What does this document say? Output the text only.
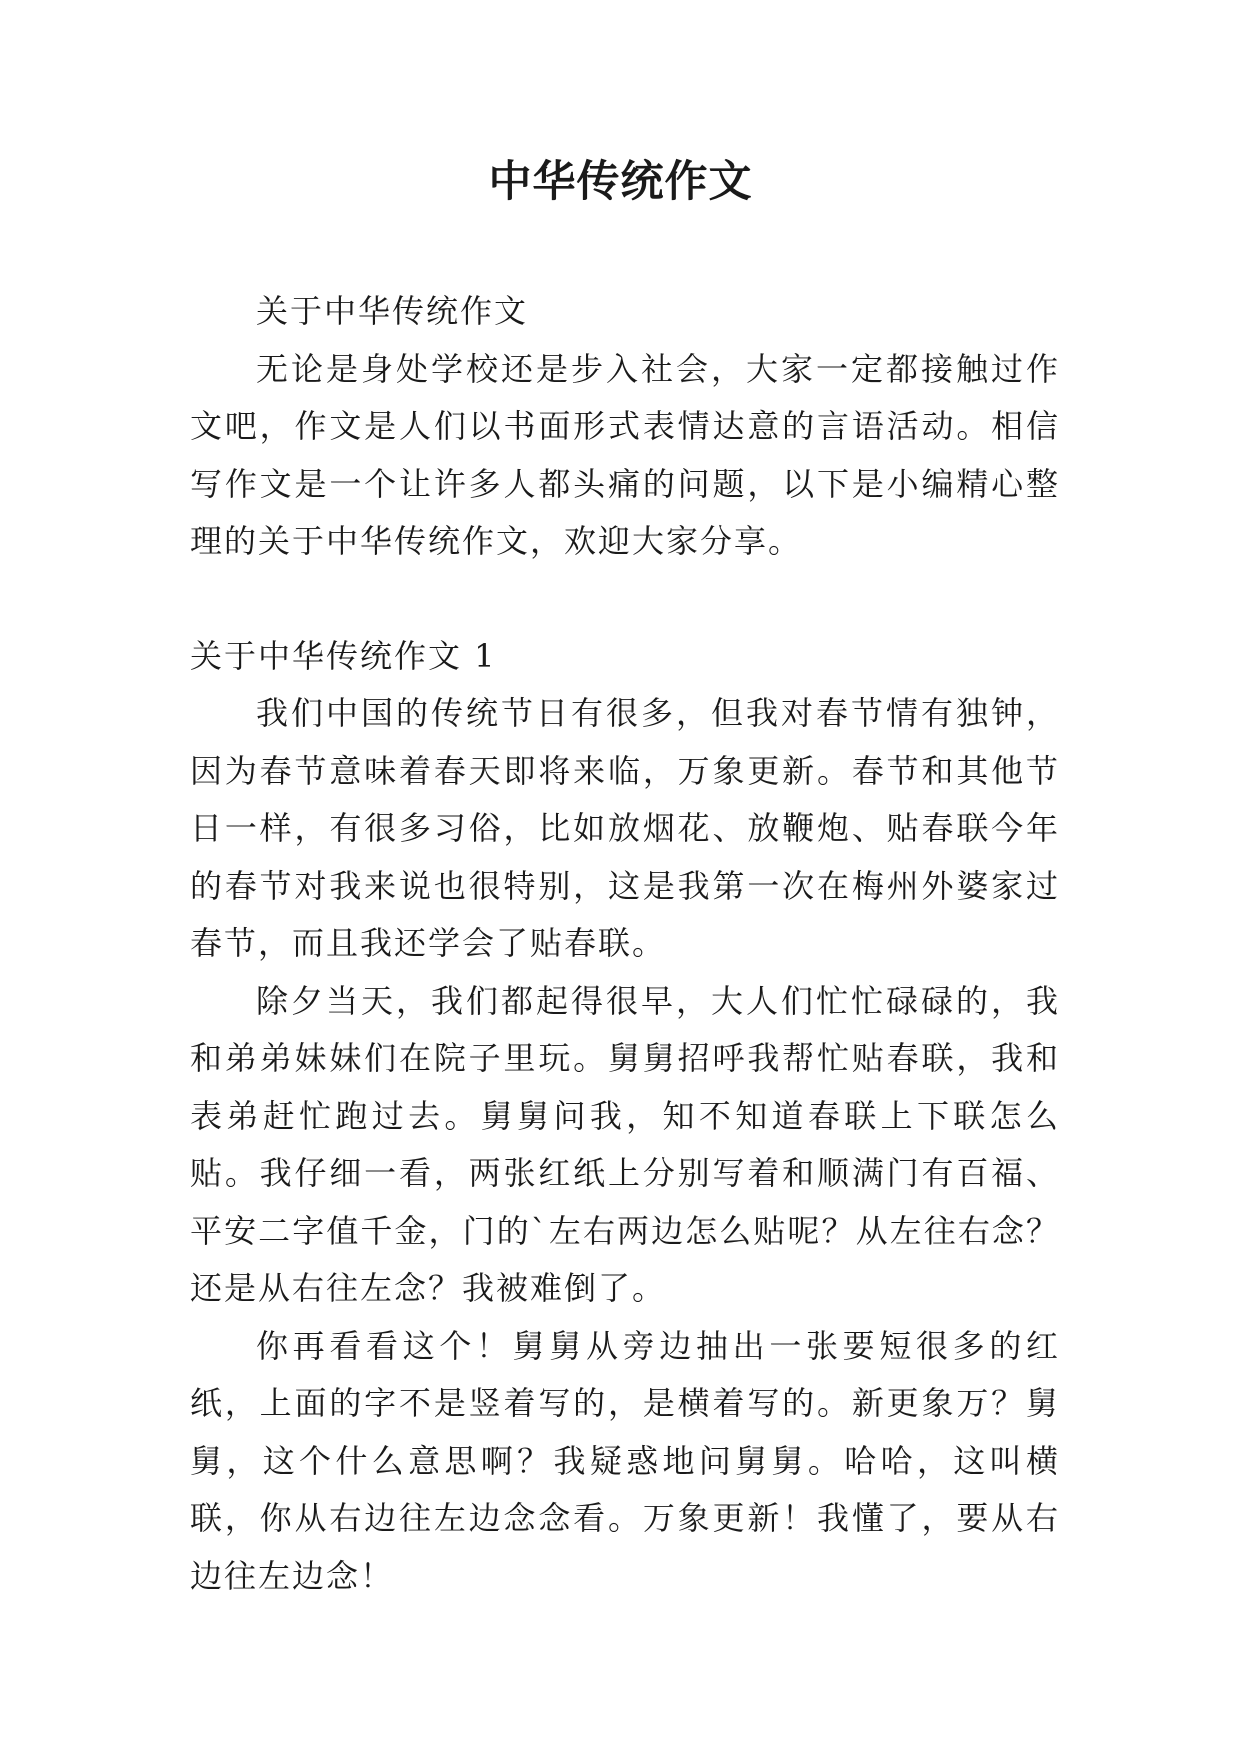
中华传统作文

关于中华传统作文

无论是身处学校还是步入社会，大家一定都接触过作文吧，作文是人们以书面形式表情达意的言语活动。相信写作文是一个让许多人都头痛的问题，以下是小编精心整理的关于中华传统作文，欢迎大家分享。

关于中华传统作文 1

我们中国的传统节日有很多，但我对春节情有独钟，因为春节意味着春天即将来临，万象更新。春节和其他节日一样，有很多习俗，比如放烟花、放鞭炮、贴春联今年的春节对我来说也很特别，这是我第一次在梅州外婆家过春节，而且我还学会了贴春联。

除夕当天，我们都起得很早，大人们忙忙碌碌的，我和弟弟妹妹们在院子里玩。舅舅招呼我帮忙贴春联，我和表弟赶忙跑过去。舅舅问我，知不知道春联上下联怎么贴。我仔细一看，两张红纸上分别写着和顺满门有百福、平安二字值千金，门的`左右两边怎么贴呢？从左往右念？还是从右往左念？我被难倒了。

你再看看这个！舅舅从旁边抽出一张要短很多的红纸，上面的字不是竖着写的，是横着写的。新更象万？舅舅，这个什么意思啊？我疑惑地问舅舅。哈哈，这叫横联，你从右边往左边念念看。万象更新！我懂了，要从右边往左边念！
